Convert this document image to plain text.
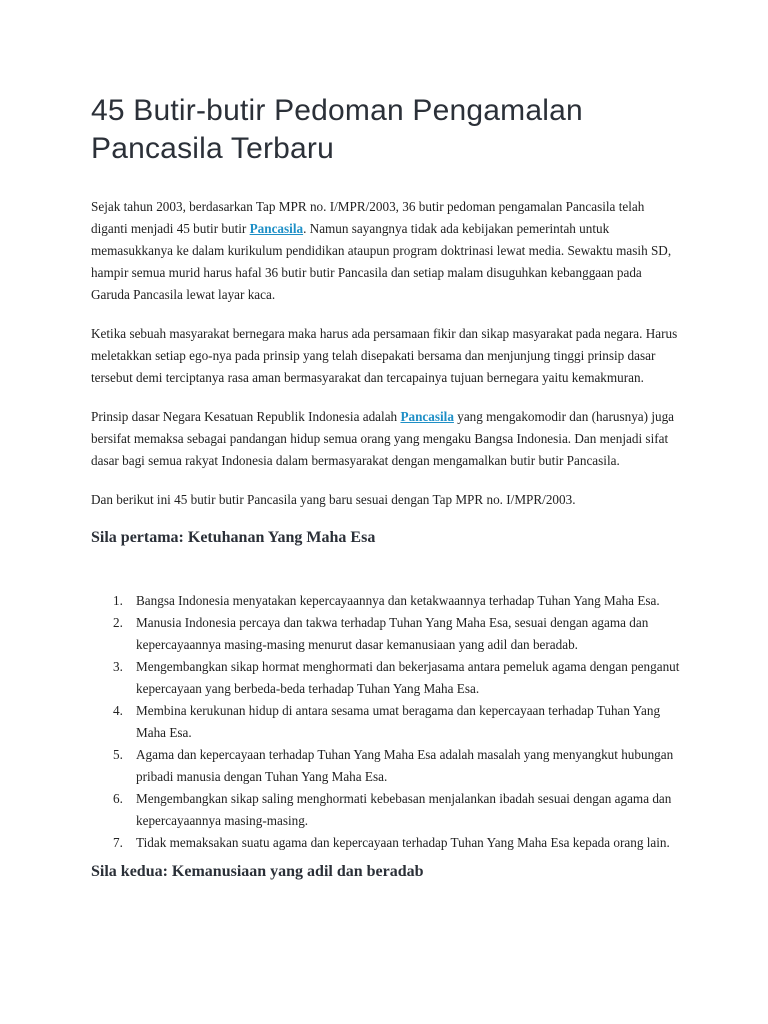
45 Butir-butir Pedoman Pengamalan Pancasila Terbaru

Sejak tahun 2003, berdasarkan Tap MPR no. I/MPR/2003, 36 butir pedoman pengamalan Pancasila telah diganti menjadi 45 butir butir Pancasila. Namun sayangnya tidak ada kebijakan pemerintah untuk memasukkanya ke dalam kurikulum pendidikan ataupun program doktrinasi lewat media. Sewaktu masih SD, hampir semua murid harus hafal 36 butir butir Pancasila dan setiap malam disuguhkan kebanggaan pada Garuda Pancasila lewat layar kaca.

Ketika sebuah masyarakat bernegara maka harus ada persamaan fikir dan sikap masyarakat pada negara. Harus meletakkan setiap ego-nya pada prinsip yang telah disepakati bersama dan menjunjung tinggi prinsip dasar tersebut demi terciptanya rasa aman bermasyarakat dan tercapainya tujuan bernegara yaitu kemakmuran.

Prinsip dasar Negara Kesatuan Republik Indonesia adalah Pancasila yang mengakomodir dan (harusnya) juga bersifat memaksa sebagai pandangan hidup semua orang yang mengaku Bangsa Indonesia. Dan menjadi sifat dasar bagi semua rakyat Indonesia dalam bermasyarakat dengan mengamalkan butir butir Pancasila.

Dan berikut ini 45 butir butir Pancasila yang baru sesuai dengan Tap MPR no. I/MPR/2003.

Sila pertama: Ketuhanan Yang Maha Esa
1. Bangsa Indonesia menyatakan kepercayaannya dan ketakwaannya terhadap Tuhan Yang Maha Esa.
2. Manusia Indonesia percaya dan takwa terhadap Tuhan Yang Maha Esa, sesuai dengan agama dan kepercayaannya masing-masing menurut dasar kemanusiaan yang adil dan beradab.
3. Mengembangkan sikap hormat menghormati dan bekerjasama antara pemeluk agama dengan penganut kepercayaan yang berbeda-beda terhadap Tuhan Yang Maha Esa.
4. Membina kerukunan hidup di antara sesama umat beragama dan kepercayaan terhadap Tuhan Yang Maha Esa.
5. Agama dan kepercayaan terhadap Tuhan Yang Maha Esa adalah masalah yang menyangkut hubungan pribadi manusia dengan Tuhan Yang Maha Esa.
6. Mengembangkan sikap saling menghormati kebebasan menjalankan ibadah sesuai dengan agama dan kepercayaannya masing-masing.
7. Tidak memaksakan suatu agama dan kepercayaan terhadap Tuhan Yang Maha Esa kepada orang lain.
Sila kedua: Kemanusiaan yang adil dan beradab
